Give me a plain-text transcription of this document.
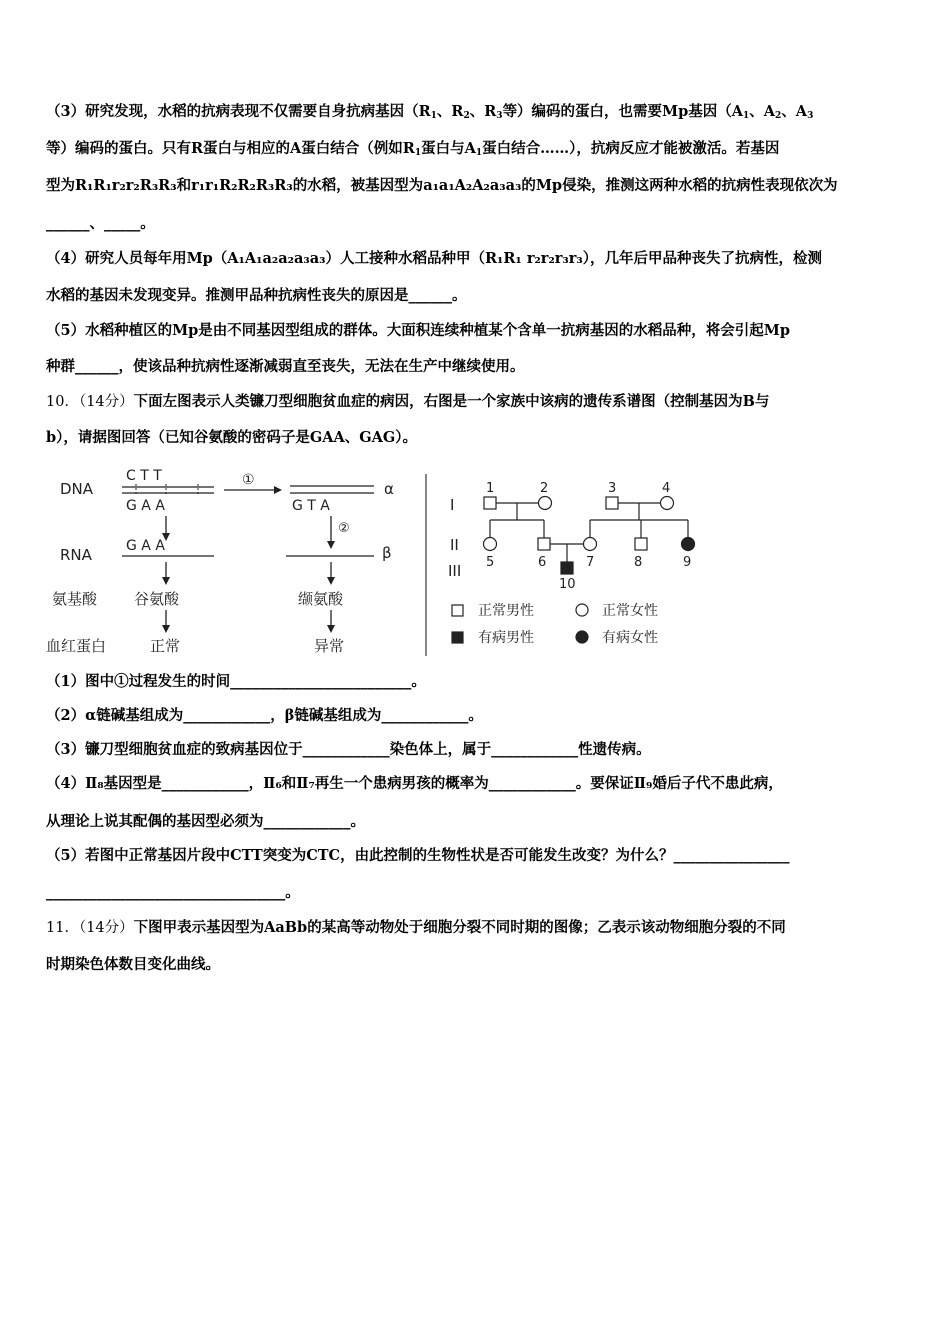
（3）研究发现，水稻的抗病表现不仅需要自身抗病基因（$R_1$、$R_2$、$R_3$等）编码的蛋白，也需要Mp基因（$A_1$、$A_2$、$A_3$
等）编码的蛋白。只有R蛋白与相应的A蛋白结合（例如$R_1$蛋白与$A_1$蛋白结合……），抗病反应才能被激活。若基因
型为R₁R₁r₂r₂R₃R₃和r₁r₁R₂R₂R₃R₃的水稻，被基因型为a₁a₁A₂A₂a₃a₃的Mp侵染，推测这两种水稻的抗病性表现依次为
______、_____。
（4）研究人员每年用Mp（A₁A₁a₂a₂a₃a₃）人工接种水稻品种甲（R₁R₁ r₂r₂r₃r₃），几年后甲品种丧失了抗病性，检测
水稻的基因未发现变异。推测甲品种抗病性丧失的原因是______。
（5）水稻种植区的Mp是由不同基因型组成的群体。大面积连续种植某个含单一抗病基因的水稻品种，将会引起Mp
种群______，使该品种抗病性逐渐减弱直至丧失，无法在生产中继续使用。
10．（14分）下面左图表示人类镰刀型细胞贫血症的病因，右图是一个家族中该病的遗传系谱图（控制基因为B与
b），请据图回答（已知谷氨酸的密码子是GAA、GAG）。
DNA
C T T
G A A
①	α
G T A
②
RNA G A A	β
氨基酸 谷氨酸	缬氨酸
血红蛋白	正常	异常
I
II
III
1	2	3	4
5	6	7	8	9
10
正常男性	正常女性
有病男性	有病女性
（1）图中①过程发生的时间_________________________。
（2）α链碱基组成为____________，β链碱基组成为____________。
（3）镰刀型细胞贫血症的致病基因位于____________染色体上，属于____________性遗传病。
（4）Ⅱ₈基因型是____________，Ⅱ₆和Ⅱ₇再生一个患病男孩的概率为____________。要保证Ⅱ₉婚后子代不患此病，
从理论上说其配偶的基因型必须为____________。
（5）若图中正常基因片段中CTT突变为CTC，由此控制的生物性状是否可能发生改变？为什么？________________
_________________________________。
11．（14分）下图甲表示基因型为AaBb的某高等动物处于细胞分裂不同时期的图像；乙表示该动物细胞分裂的不同
时期染色体数目变化曲线。
